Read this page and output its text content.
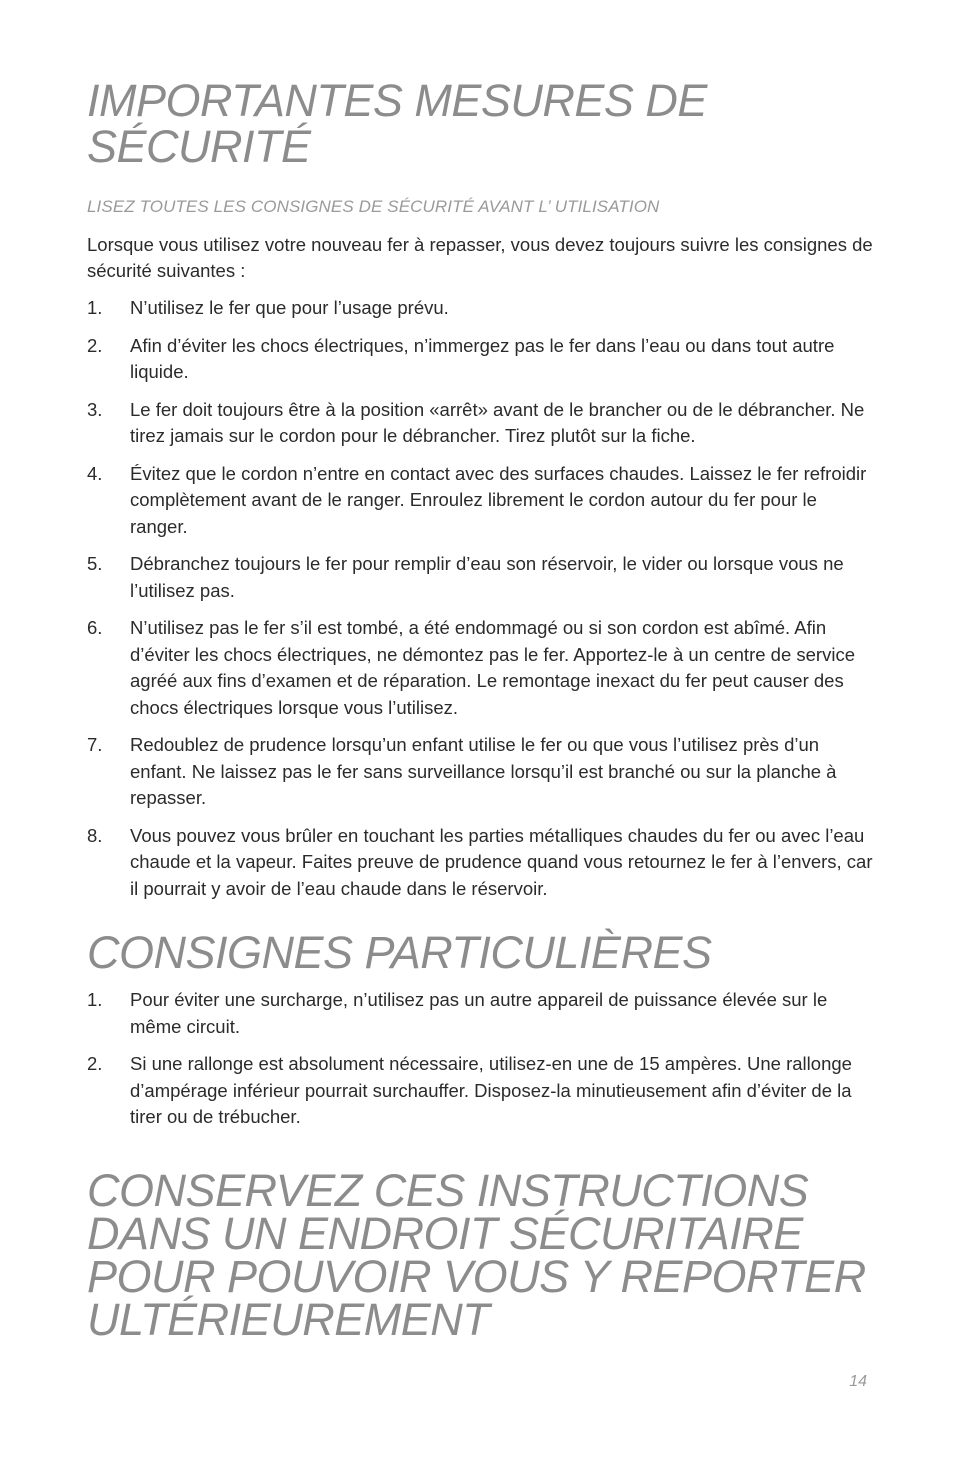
IMPORTANTES MESURES DE SÉCURITÉ

LISEZ TOUTES LES CONSIGNES DE SÉCURITÉ AVANT L’ UTILISATION

Lorsque vous utilisez votre nouveau fer à repasser, vous devez toujours suivre les consignes de sécurité suivantes :

1. N’utilisez le fer que pour l’usage prévu.
2. Afin d’éviter les chocs électriques, n’immergez pas le fer dans l’eau ou dans tout autre liquide.
3. Le fer doit toujours être à la position «arrêt» avant de le brancher ou de le débrancher. Ne tirez jamais sur le cordon pour le débrancher. Tirez plutôt sur la fiche.
4. Évitez que le cordon n’entre en contact avec des surfaces chaudes. Laissez le fer refroidir complètement avant de le ranger. Enroulez librement le cordon autour du fer pour le ranger.
5. Débranchez toujours le fer pour remplir d’eau son réservoir, le vider ou lorsque vous ne l’utilisez pas.
6. N’utilisez pas le fer s’il est tombé, a été endommagé ou si son cordon est abîmé. Afin d’éviter les chocs électriques, ne démontez pas le fer. Apportez-le à un centre de service agréé aux fins d’examen et de réparation. Le remontage inexact du fer peut causer des chocs électriques lorsque vous l’utilisez.
7. Redoublez de prudence lorsqu’un enfant utilise le fer ou que vous l’utilisez près d’un enfant. Ne laissez pas le fer sans surveillance lorsqu’il est branché ou sur la planche à repasser.
8. Vous pouvez vous brûler en touchant les parties métalliques chaudes du fer ou avec l’eau chaude et la vapeur. Faites preuve de prudence quand vous retournez le fer à l’envers, car il pourrait y avoir de l’eau chaude dans le réservoir.
CONSIGNES PARTICULIÈRES
1. Pour éviter une surcharge, n’utilisez pas un autre appareil de puissance élevée sur le même circuit.
2. Si une rallonge est absolument nécessaire, utilisez-en une de 15 ampères. Une rallonge d’ampérage inférieur pourrait surchauffer. Disposez-la minutieusement afin d’éviter de la tirer ou de trébucher.
CONSERVEZ CES INSTRUCTIONS DANS UN ENDROIT SÉCURITAIRE POUR POUVOIR VOUS Y REPORTER ULTÉRIEUREMENT
14
